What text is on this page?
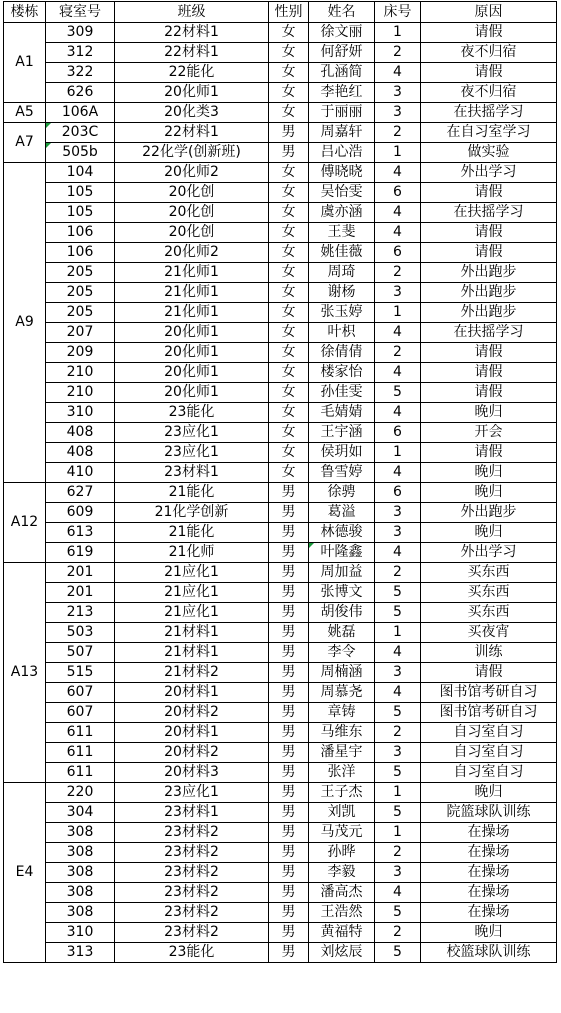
楼栋	寝室号	班级	性别	姓名	床号	原因
A1	309	22材料1	女	徐文丽	1	请假
	312	22材料1	女	何舒妍	2	夜不归宿
	322	22能化	女	孔涵简	4	请假
	626	20化师1	女	李艳红	3	夜不归宿
A5	106A	20化类3	女	于丽丽	3	在扶摇学习
A7	203C	22材料1	男	周嘉轩	2	在自习室学习
	505b	22化学(创新班)	男	吕心浩	1	做实验
A9	104	20化师2	女	傅晓晓	4	外出学习
	105	20化创	女	吴怡雯	6	请假
	105	20化创	女	虞亦涵	4	在扶摇学习
	106	20化创	女	王斐	4	请假
	106	20化师2	女	姚佳薇	6	请假
	205	21化师1	女	周琦	2	外出跑步
	205	21化师1	女	谢杨	3	外出跑步
	205	21化师1	女	张玉婷	1	外出跑步
	207	20化师1	女	叶枳	4	在扶摇学习
	209	20化师1	女	徐倩倩	2	请假
	210	20化师1	女	楼家怡	4	请假
	210	20化师1	女	孙佳雯	5	请假
	310	23能化	女	毛婧婧	4	晚归
	408	23应化1	女	王宇涵	6	开会
	408	23应化1	女	侯玥如	1	请假
	410	23材料1	女	鲁雪婷	4	晚归
A12	627	21能化	男	徐骋	6	晚归
	609	21化学创新	男	葛溢	3	外出跑步
	613	21能化	男	林德骏	3	晚归
	619	21化师	男	叶隆鑫	4	外出学习
A13	201	21应化1	男	周加益	2	买东西
	201	21应化1	男	张博文	5	买东西
	213	21应化1	男	胡俊伟	5	买东西
	503	21材料1	男	姚磊	1	买夜宵
	507	21材料1	男	李令	4	训练
	515	21材料2	男	周楠涵	3	请假
	607	20材料1	男	周慕尧	4	图书馆考研自习
	607	20材料2	男	章铸	5	图书馆考研自习
	611	20材料1	男	马维东	2	自习室自习
	611	20材料2	男	潘星宇	3	自习室自习
	611	20材料3	男	张洋	5	自习室自习
E4	220	23应化1	男	王子杰	1	晚归
	304	23材料1	男	刘凯	5	院篮球队训练
	308	23材料2	男	马茂元	1	在操场
	308	23材料2	男	孙晔	2	在操场
	308	23材料2	男	李毅	3	在操场
	308	23材料2	男	潘高杰	4	在操场
	308	23材料2	男	王浩然	5	在操场
	310	23材料2	男	黄福特	2	晚归
	313	23能化	男	刘炫辰	5	校篮球队训练
